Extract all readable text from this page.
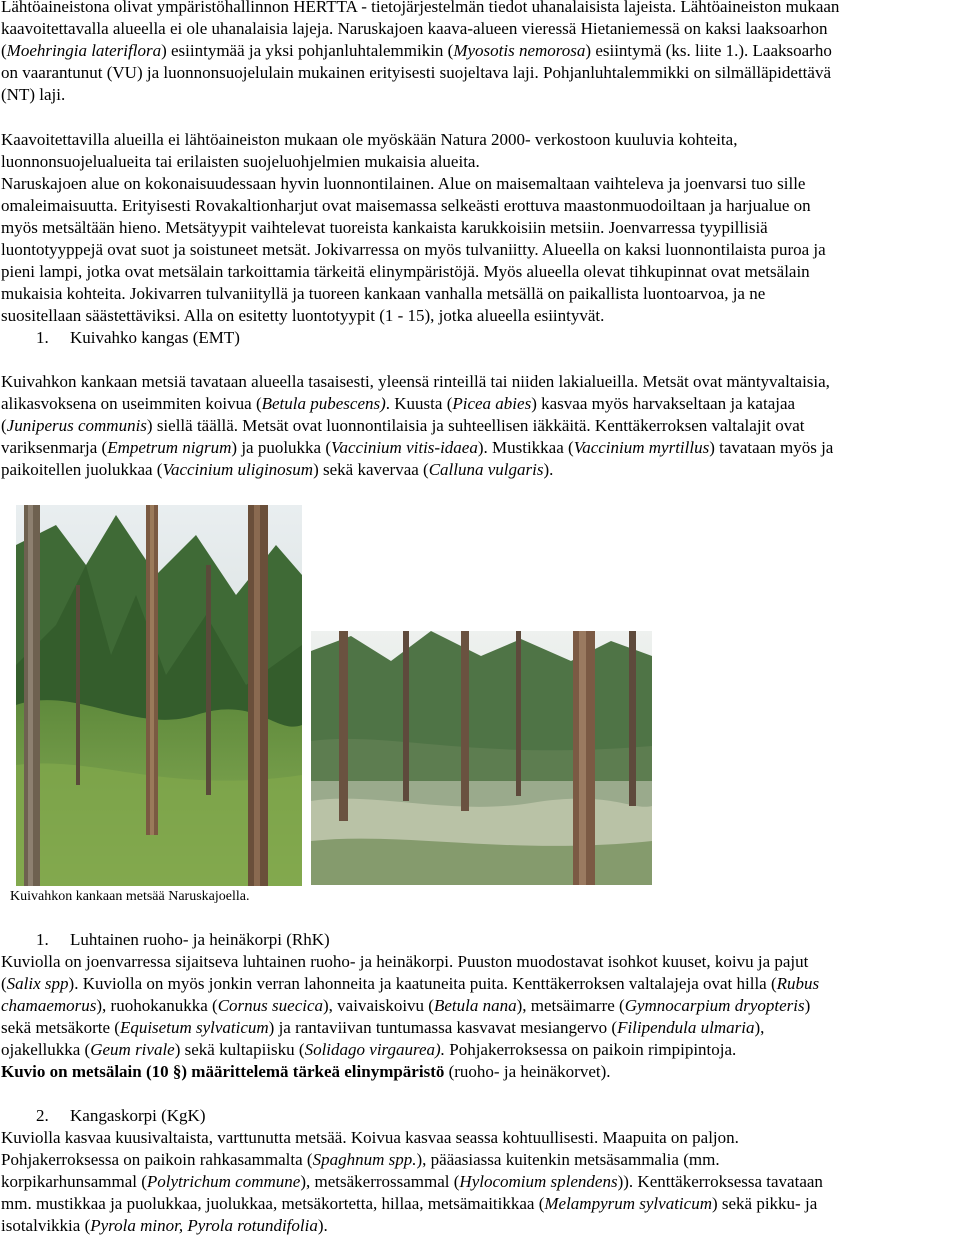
Lähtöaineistona olivat ympäristöhallinnon HERTTA - tietojärjestelmän tiedot uhanalaisista lajeista. Lähtöaineiston mukaan
kaavoitettavalla alueella ei ole uhanalaisia lajeja. Naruskajoen kaava-alueen vieressä Hietaniemessä on kaksi laaksoarhon
(Moehringia lateriflora) esiintymää ja yksi pohjanluhtalemmikin (Myosotis nemorosa) esiintymä (ks. liite 1.). Laaksoarho
on vaarantunut (VU) ja luonnonsuojelulain mukainen erityisesti suojeltava laji. Pohjanluhtalemmikki on silmälläpidettävä
(NT) laji.
Kaavoitettavilla alueilla ei lähtöaineiston mukaan ole myöskään Natura 2000- verkostoon kuuluvia kohteita,
luonnonsuojelualueita tai erilaisten suojeluohjelmien mukaisia alueita.
Naruskajoen alue on kokonaisuudessaan hyvin luonnontilainen. Alue on maisemaltaan vaihteleva ja joenvarsi tuo sille
omaleimaisuutta. Erityisesti Rovakaltionharjut ovat maisemassa selkeästi erottuva maastonmuodoiltaan ja harjualue on
myös metsältään hieno. Metsätyypit vaihtelevat tuoreista kankaista karukkoisiin metsiin. Joenvarressa tyypillisiä
luontotyyppejä ovat suot ja soistuneet metsät. Jokivarressa on myös tulvaniitty. Alueella on kaksi luonnontilaista puroa ja
pieni lampi, jotka ovat metsälain tarkoittamia tärkeitä elinympäristöjä. Myös alueella olevat tihkupinnat ovat metsälain
mukaisia kohteita. Jokivarren tulvaniityllä ja tuoreen kankaan vanhalla metsällä on paikallista luontoarvoa, ja ne
suositellaan säästettäviksi. Alla on esitetty luontotyypit (1 - 15), jotka alueella esiintyvät.
1. Kuivahko kangas (EMT)
Kuivahkon kankaan metsiä tavataan alueella tasaisesti, yleensä rinteillä tai niiden lakialueilla. Metsät ovat mäntyvaltaisia,
alikasvoksena on useimmiten koivua (Betula pubescens). Kuusta (Picea abies) kasvaa myös harvakseltaan ja katajaa
(Juniperus communis) siellä täällä. Metsät ovat luonnontilaisia ja suhteellisen iäkkäitä. Kenttäkerroksen valtalajit ovat
variksenmarja (Empetrum nigrum) ja puolukka (Vaccinium vitis-idaea). Mustikkaa (Vaccinium myrtillus) tavataan myös ja
paikoitellen juolukkaa (Vaccinium uliginosum) sekä kavervaa (Calluna vulgaris).
Kuivahkon kankaan metsää Naruskajoella.
1. Luhtainen ruoho- ja heinäkorpi (RhK)
Kuviolla on joenvarressa sijaitseva luhtainen ruoho- ja heinäkorpi. Puuston muodostavat isohkot kuuset, koivu ja pajut
(Salix spp). Kuviolla on myös jonkin verran lahonneita ja kaatuneita puita. Kenttäkerroksen valtalajeja ovat hilla (Rubus
chamaemorus), ruohokanukka (Cornus suecica), vaivaiskoivu (Betula nana), metsäimarre (Gymnocarpium dryopteris)
sekä metsäkorte (Equisetum sylvaticum) ja rantaviivan tuntumassa kasvavat mesiangervo (Filipendula ulmaria),
ojakellukka (Geum rivale) sekä kultapiisku (Solidago virgaurea). Pohjakerroksessa on paikoin rimpipintoja.
Kuvio on metsälain (10 §) määrittelemä tärkeä elinympäristö (ruoho- ja heinäkorvet).
2. Kangaskorpi (KgK)
Kuviolla kasvaa kuusivaltaista, varttunutta metsää. Koivua kasvaa seassa kohtuullisesti. Maapuita on paljon.
Pohjakerroksessa on paikoin rahkasammalta (Spaghnum spp.), pääasiassa kuitenkin metsäsammalia (mm.
korpikarhunsammal (Polytrichum commune), metsäkerrossammal (Hylocomium splendens)). Kenttäkerroksessa tavataan
mm. mustikkaa ja puolukkaa, juolukkaa, metsäkortetta, hillaa, metsämaitikkaa (Melampyrum sylvaticum) sekä pikku- ja
isotalvikkia (Pyrola minor, Pyrola rotundifolia).
